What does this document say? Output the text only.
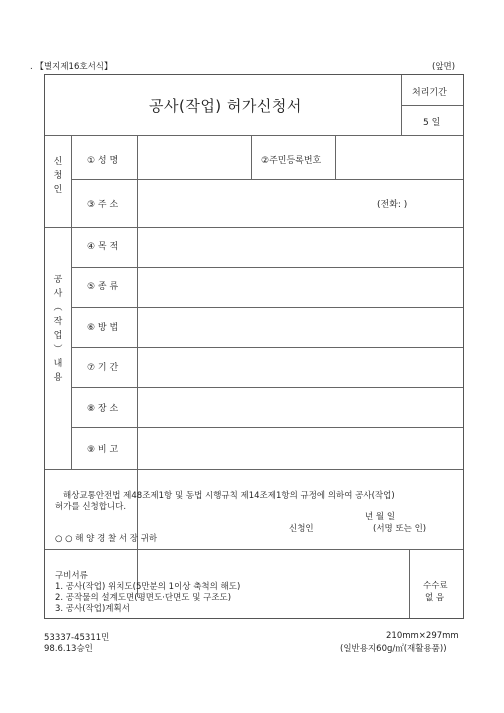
. 【별지제16호서식】	(앞면)
공사(작업) 허가신청서
처리기간
5 일
신
청
인
① 성 명	②주민등록번호
③ 주 소	(전화: )
공
사
︵
작
업
︶
내
용
④ 목 적
⑤ 종 류
⑥ 방 법
⑦ 기 간
⑧ 장 소
⑨ 비 고
해상교통안전법 제48조제1항 및 동법 시행규칙 제14조제1항의 규정에 의하여 공사(작업)
허가를 신청합니다.
년 월 일
신청인	(서명 또는 인)
○ ○ 해 양 경 찰 서 장 귀하
구비서류
1. 공사(작업) 위치도(5만분의 1이상 축척의 해도)
2. 공작물의 설계도면(평면도·단면도 및 구조도)
3. 공사(작업)계획서
수수료
없 음
53337-45311민
98.6.13승인
210mm×297mm
(일반용지60g/㎡(재활용품))
